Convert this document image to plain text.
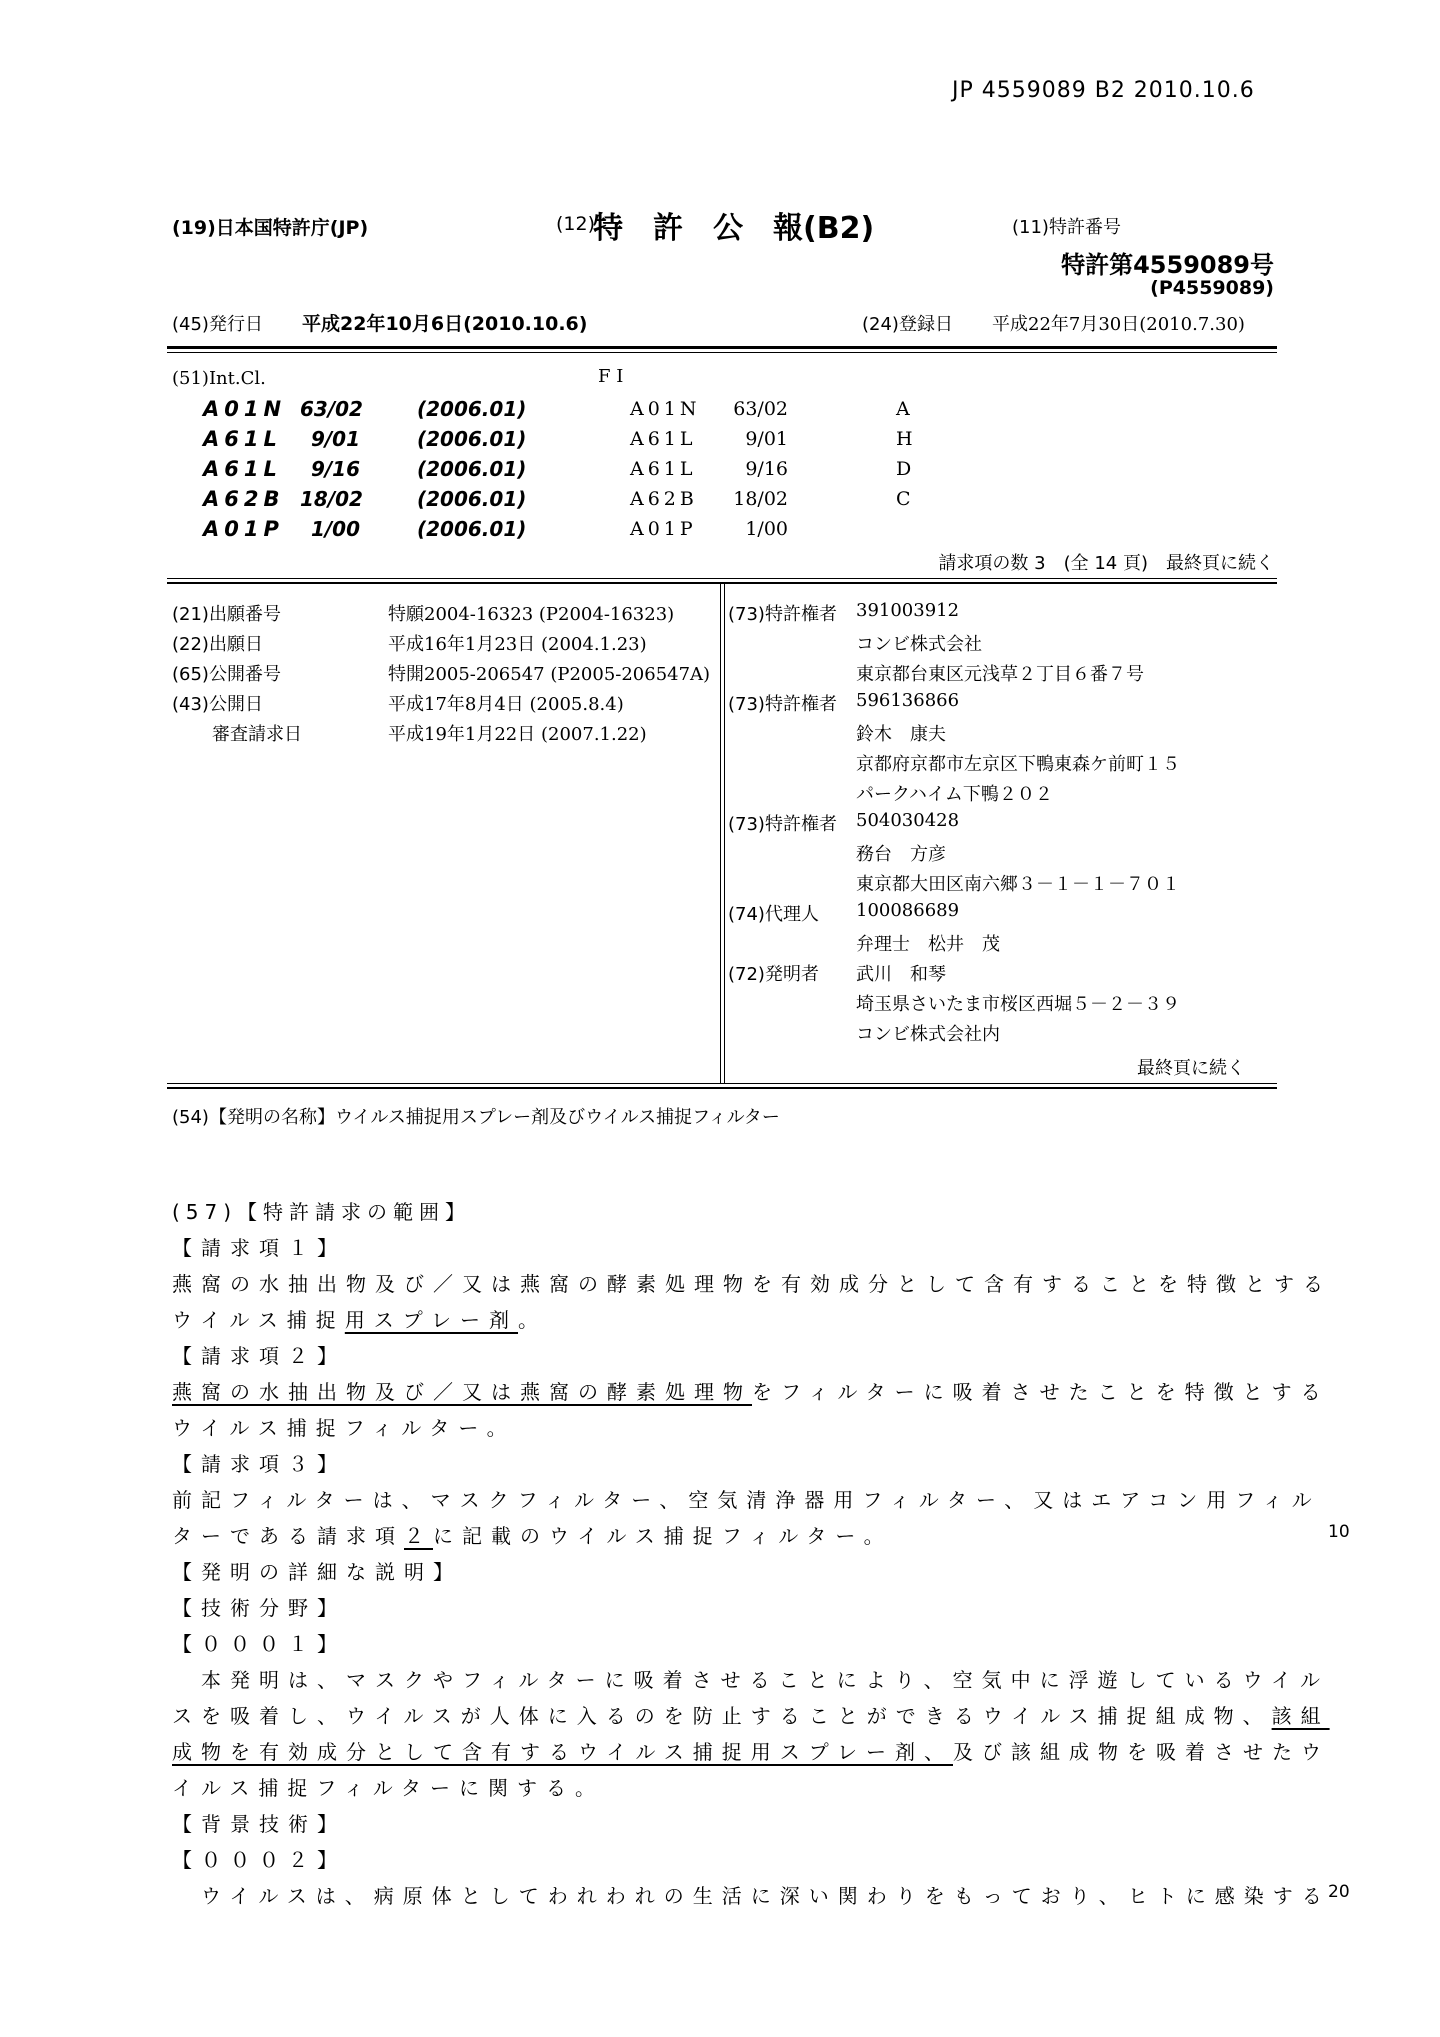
JP 4559089 B2 2010.10.6
(19)日本国特許庁(JP)	(12)
特　許　公　報(B2)	(11)特許番号
特許第4559089号
(P4559089)
(45)発行日 平成22年10月6日(2010.10.6)	(24)登録日 平成22年7月30日(2010.7.30)
(51)Int.Cl.	F I
A01N 63/02	(2006.01)	A01N	63/02	A
A61L	9/01	(2006.01)	A61L	9/01	H
A61L	9/16	(2006.01)	A61L	9/16	D
A62B 18/02	(2006.01)	A62B	18/02	C
A01P	1/00	(2006.01)	A01P	1/00
請求項の数 3　(全 14 頁)　最終頁に続く
(21)出願番号	特願2004-16323 (P2004-16323)
(22)出願日	平成16年1月23日 (2004.1.23)
(65)公開番号	特開2005-206547 (P2005-206547A)
(43)公開日	平成17年8月4日 (2005.8.4)
審査請求日	平成19年1月22日 (2007.1.22)
(73)特許権者 391003912
コンビ株式会社
東京都台東区元浅草２丁目６番７号
(73)特許権者 596136866
鈴木　康夫
京都府京都市左京区下鴨東森ケ前町１５
パークハイム下鴨２０２
(73)特許権者 504030428
務台　方彦
東京都大田区南六郷３－１－１－７０１
(74)代理人 100086689
弁理士　松井　茂
(72)発明者 武川　和琴
埼玉県さいたま市桜区西堀５－２－３９
コンビ株式会社内
最終頁に続く
(54)【発明の名称】ウイルス捕捉用スプレー剤及びウイルス捕捉フィルター
(57)【特許請求の範囲】
【請求項１】
燕窩の水抽出物及び／又は燕窩の酵素処理物を有効成分として含有することを特徴とする
ウイルス捕捉用スプレー剤。
【請求項２】
燕窩の水抽出物及び／又は燕窩の酵素処理物をフィルターに吸着させたことを特徴とする
ウイルス捕捉フィルター。
【請求項３】
前記フィルターは、マスクフィルター、空気清浄器用フィルター、又はエアコン用フィル
ターである請求項２に記載のウイルス捕捉フィルター。
【発明の詳細な説明】
【技術分野】
【０００１】
　本発明は、マスクやフィルターに吸着させることにより、空気中に浮遊しているウイル
スを吸着し、ウイルスが人体に入るのを防止することができるウイルス捕捉組成物、該組
成物を有効成分として含有するウイルス捕捉用スプレー剤、及び該組成物を吸着させたウ
イルス捕捉フィルターに関する。
【背景技術】
【０００２】
　ウイルスは、病原体としてわれわれの生活に深い関わりをもっており、ヒトに感染する
10
20
